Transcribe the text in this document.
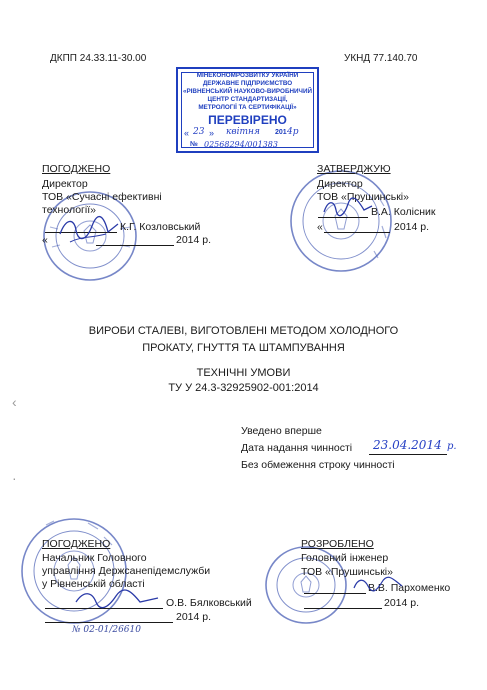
ДКПП 24.33.11-30.00	УКНД 77.140.70
МІНЕКОНОМРОЗВИТКУ УКРАЇНИ
ДЕРЖАВНЕ ПІДПРИЄМСТВО
«РІВНЕНСЬКИЙ НАУКОВО-ВИРОБНИЧИЙ
ЦЕНТР СТАНДАРТИЗАЦІЇ,
МЕТРОЛОГІЇ ТА СЕРТИФІКАЦІЇ»
ПЕРЕВІРЕНО
« 23 » квітня 201 4р
№ 02568294/001383
ПОГОДЖЕНО
Директор
ТОВ «Сучасні ефективні
технології»
К.Г. Козловський
«	2014 р.
ЗАТВЕРДЖУЮ
Директор
ТОВ «Прушинські»
В.А. Колісник
«	2014 р.
ВИРОБИ СТАЛЕВІ, ВИГОТОВЛЕНІ МЕТОДОМ ХОЛОДНОГО
ПРОКАТУ, ГНУТТЯ ТА ШТАМПУВАННЯ
ТЕХНІЧНІ УМОВИ
ТУ У 24.3-32925902-001:2014
‹
·
Уведено вперше
Дата надання чинності 23.04.2014 р.
Без обмеження строку чинності
ПОГОДЖЕНО
Начальник Головного
управління Держсанепідемслужби
у Рівненській області
О.В. Бялковський
2014 р.
№ 02-01/26610
РОЗРОБЛЕНО
Головний інженер
ТОВ «Прушинські»
В.В. Пархоменко
2014 р.
